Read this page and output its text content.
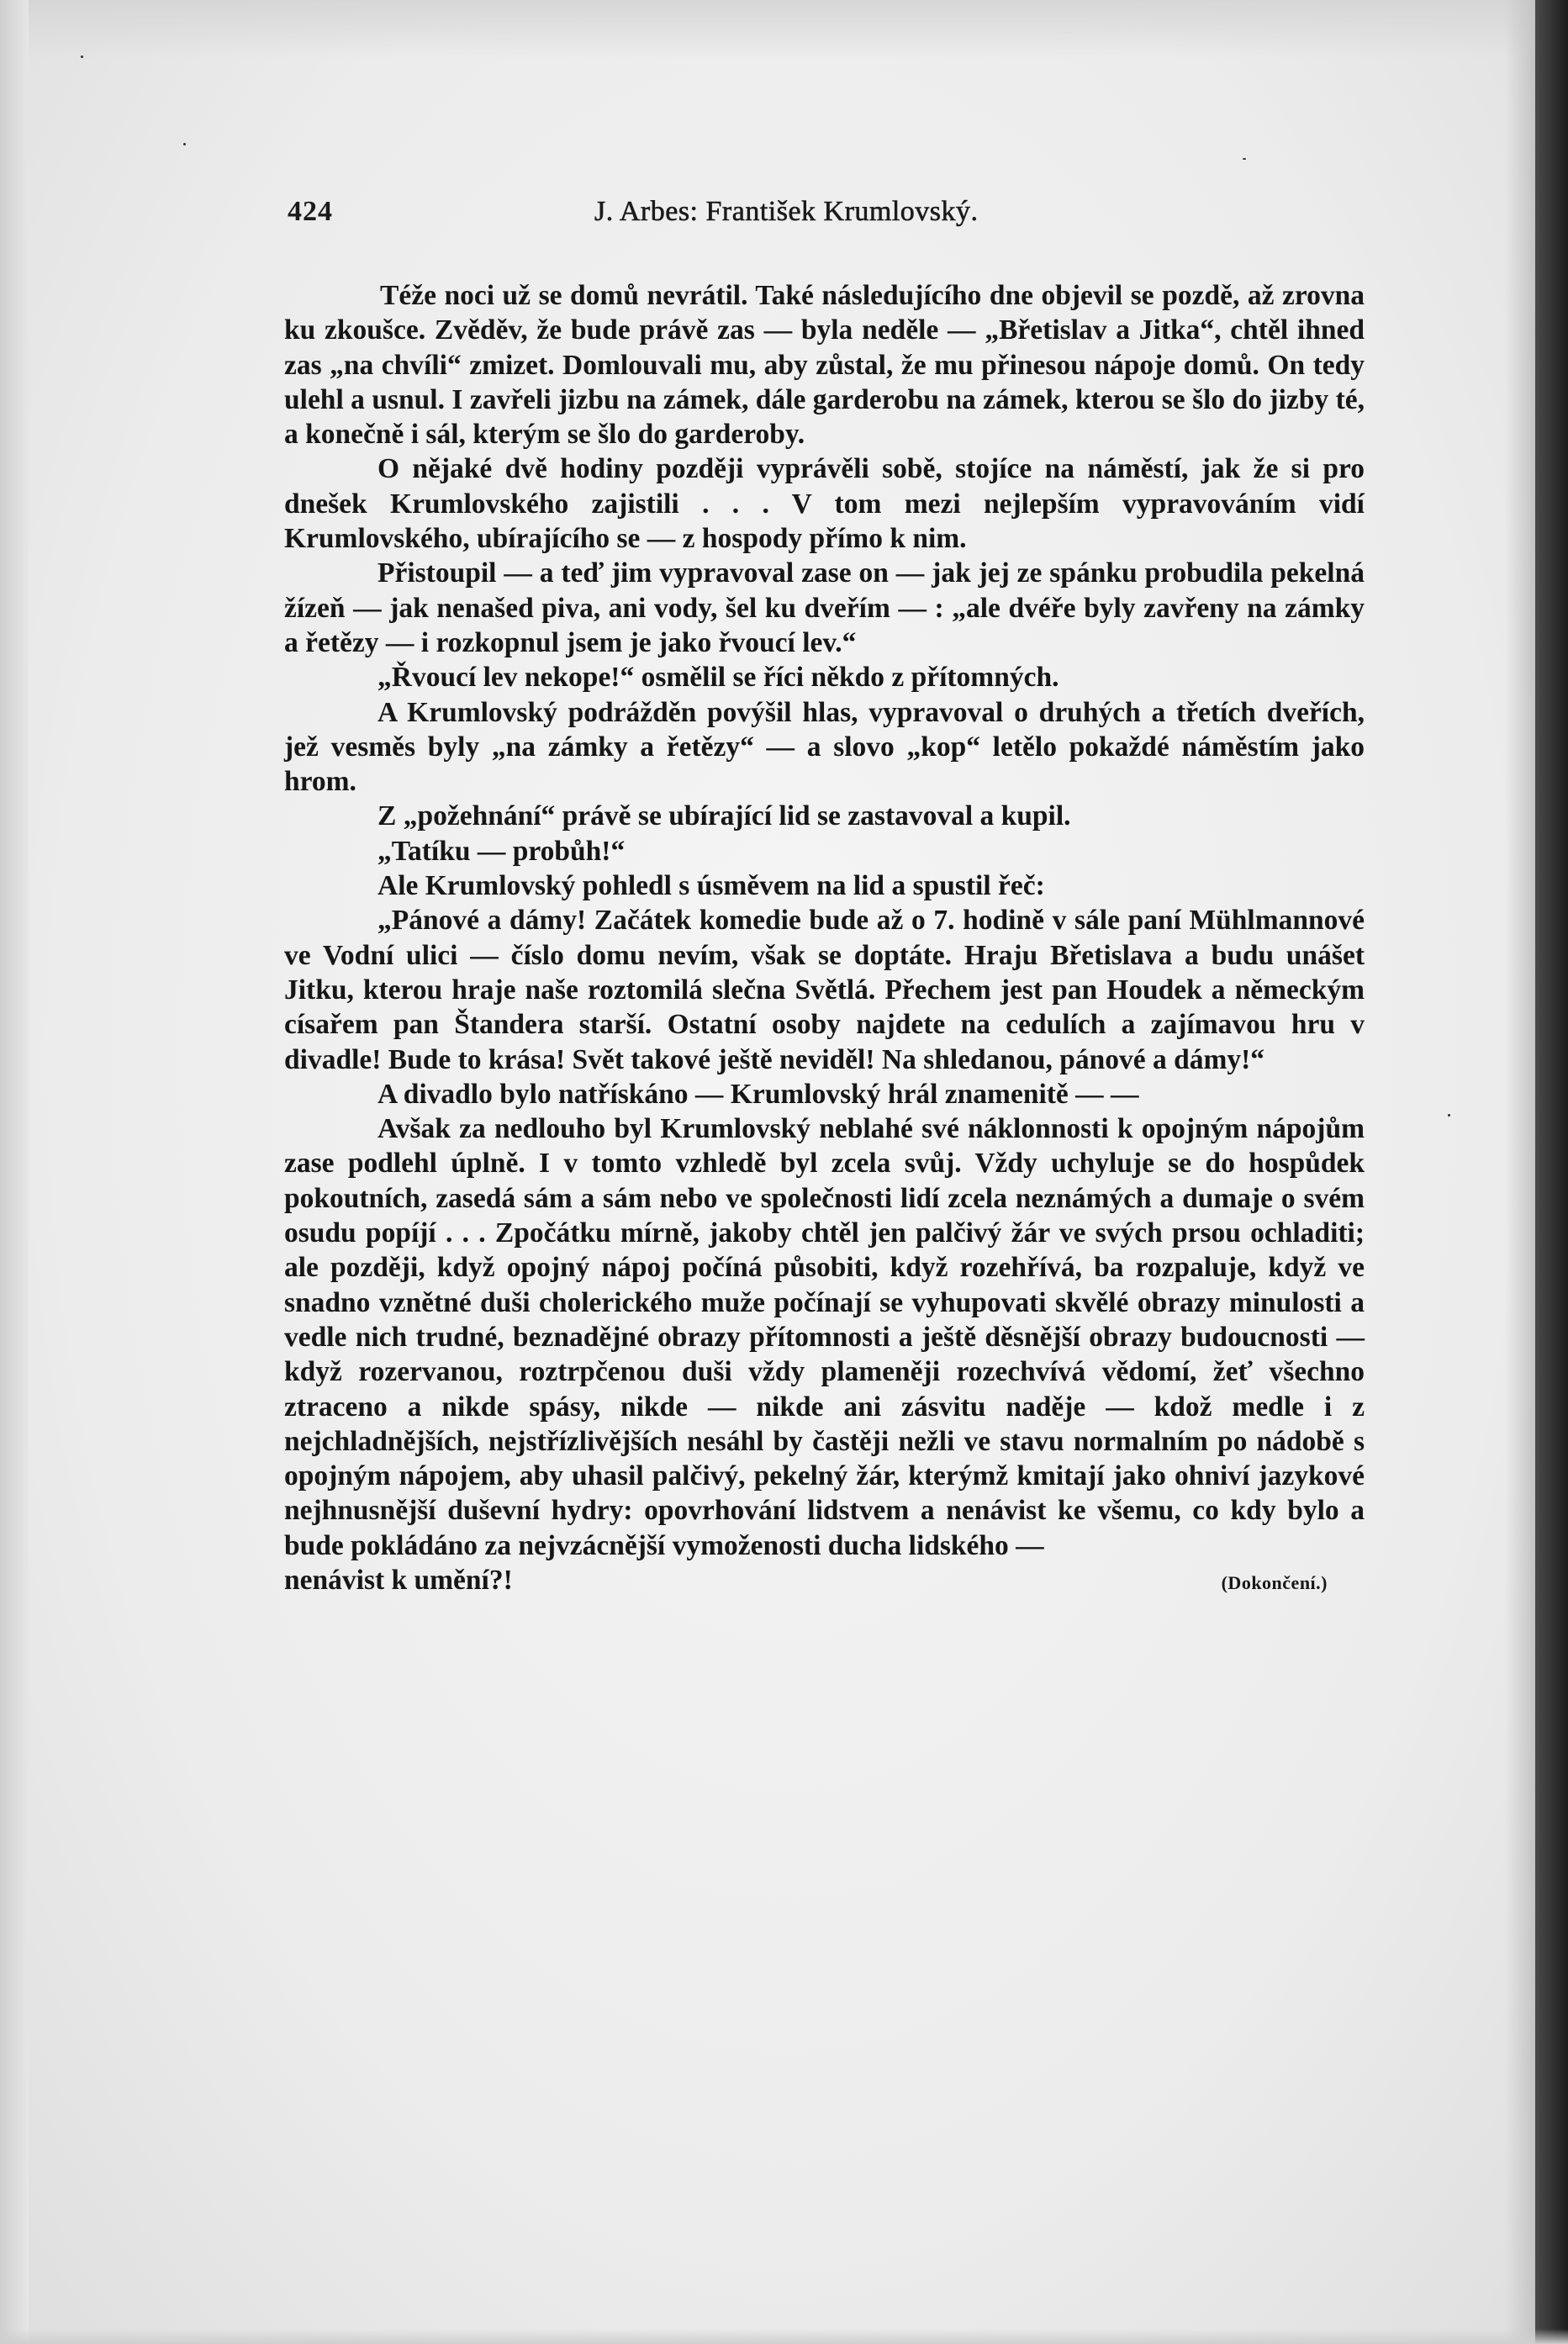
424	J. Arbes: František Krumlovský.

Téže noci už se domů nevrátil. Také následujícího dne objevil se pozdě, až zrovna ku zkoušce. Zvěděv, že bude právě zas — byla neděle — „Břetislav a Jitka“, chtěl ihned zas „na chvíli“ zmizet. Domlouvali mu, aby zůstal, že mu přinesou nápoje domů. On tedy ulehl a usnul. I zavřeli jizbu na zámek, dále garderobu na zámek, kterou se šlo do jizby té, a konečně i sál, kterým se šlo do garderoby.

O nějaké dvě hodiny později vyprávěli sobě, stojíce na náměstí, jak že si pro dnešek Krumlovského zajistili . . . V tom mezi nejlepším vypravováním vidí Krumlovského, ubírajícího se — z hospody přímo k nim.

Přistoupil — a teď jim vypravoval zase on — jak jej ze spánku probudila pekelná žízeň — jak nenašed piva, ani vody, šel ku dveřím — : „ale dvéře byly zavřeny na zámky a řetězy — i rozkopnul jsem je jako řvoucí lev.“

„Řvoucí lev nekope!“ osmělil se říci někdo z přítomných.

A Krumlovský podrážděn povýšil hlas, vypravoval o druhých a třetích dveřích, jež vesměs byly „na zámky a řetězy“ — a slovo „kop“ letělo pokaždé náměstím jako hrom.

Z „požehnání“ právě se ubírající lid se zastavoval a kupil.

„Tatíku — probůh!“

Ale Krumlovský pohledl s úsměvem na lid a spustil řeč:

„Pánové a dámy! Začátek komedie bude až o 7. hodině v sále paní Mühlmannové ve Vodní ulici — číslo domu nevím, však se doptáte. Hraju Břetislava a budu unášet Jitku, kterou hraje naše roztomilá slečna Světlá. Přechem jest pan Houdek a německým císařem pan Štandera starší. Ostatní osoby najdete na cedulích a zajímavou hru v divadle! Bude to krása! Svět takové ještě neviděl! Na shledanou, pánové a dámy!“

A divadlo bylo natřískáno — Krumlovský hrál znamenitě — —

Avšak za nedlouho byl Krumlovský neblahé své náklonnosti k opojným nápojům zase podlehl úplně. I v tomto vzhledě byl zcela svůj. Vždy uchyluje se do hospůdek pokoutních, zasedá sám a sám nebo ve společnosti lidí zcela neznámých a dumaje o svém osudu popíjí . . . Zpočátku mírně, jakoby chtěl jen palčivý žár ve svých prsou ochladiti; ale později, když opojný nápoj počíná působiti, když rozehřívá, ba rozpaluje, když ve snadno vznětné duši cholerického muže počínají se vyhupovati skvělé obrazy minulosti a vedle nich trudné, beznadějné obrazy přítomnosti a ještě děsnější obrazy budoucnosti — když rozervanou, roztrpčenou duši vždy plameněji rozechvívá vědomí, žeť všechno ztraceno a nikde spásy, nikde — nikde ani zásvitu naděje — kdož medle i z nejchladnějších, nejstřízlivějších nesáhl by častěji nežli ve stavu normalním po nádobě s opojným nápojem, aby uhasil palčivý, pekelný žár, kterýmž kmitají jako ohniví jazykové nejhnusnější duševní hydry: opovrhování lidstvem a nenávist ke všemu, co kdy bylo a bude pokládáno za nejvzácnější vymoženosti ducha lidského —

nenávist k umění?!	(Dokončení.)
